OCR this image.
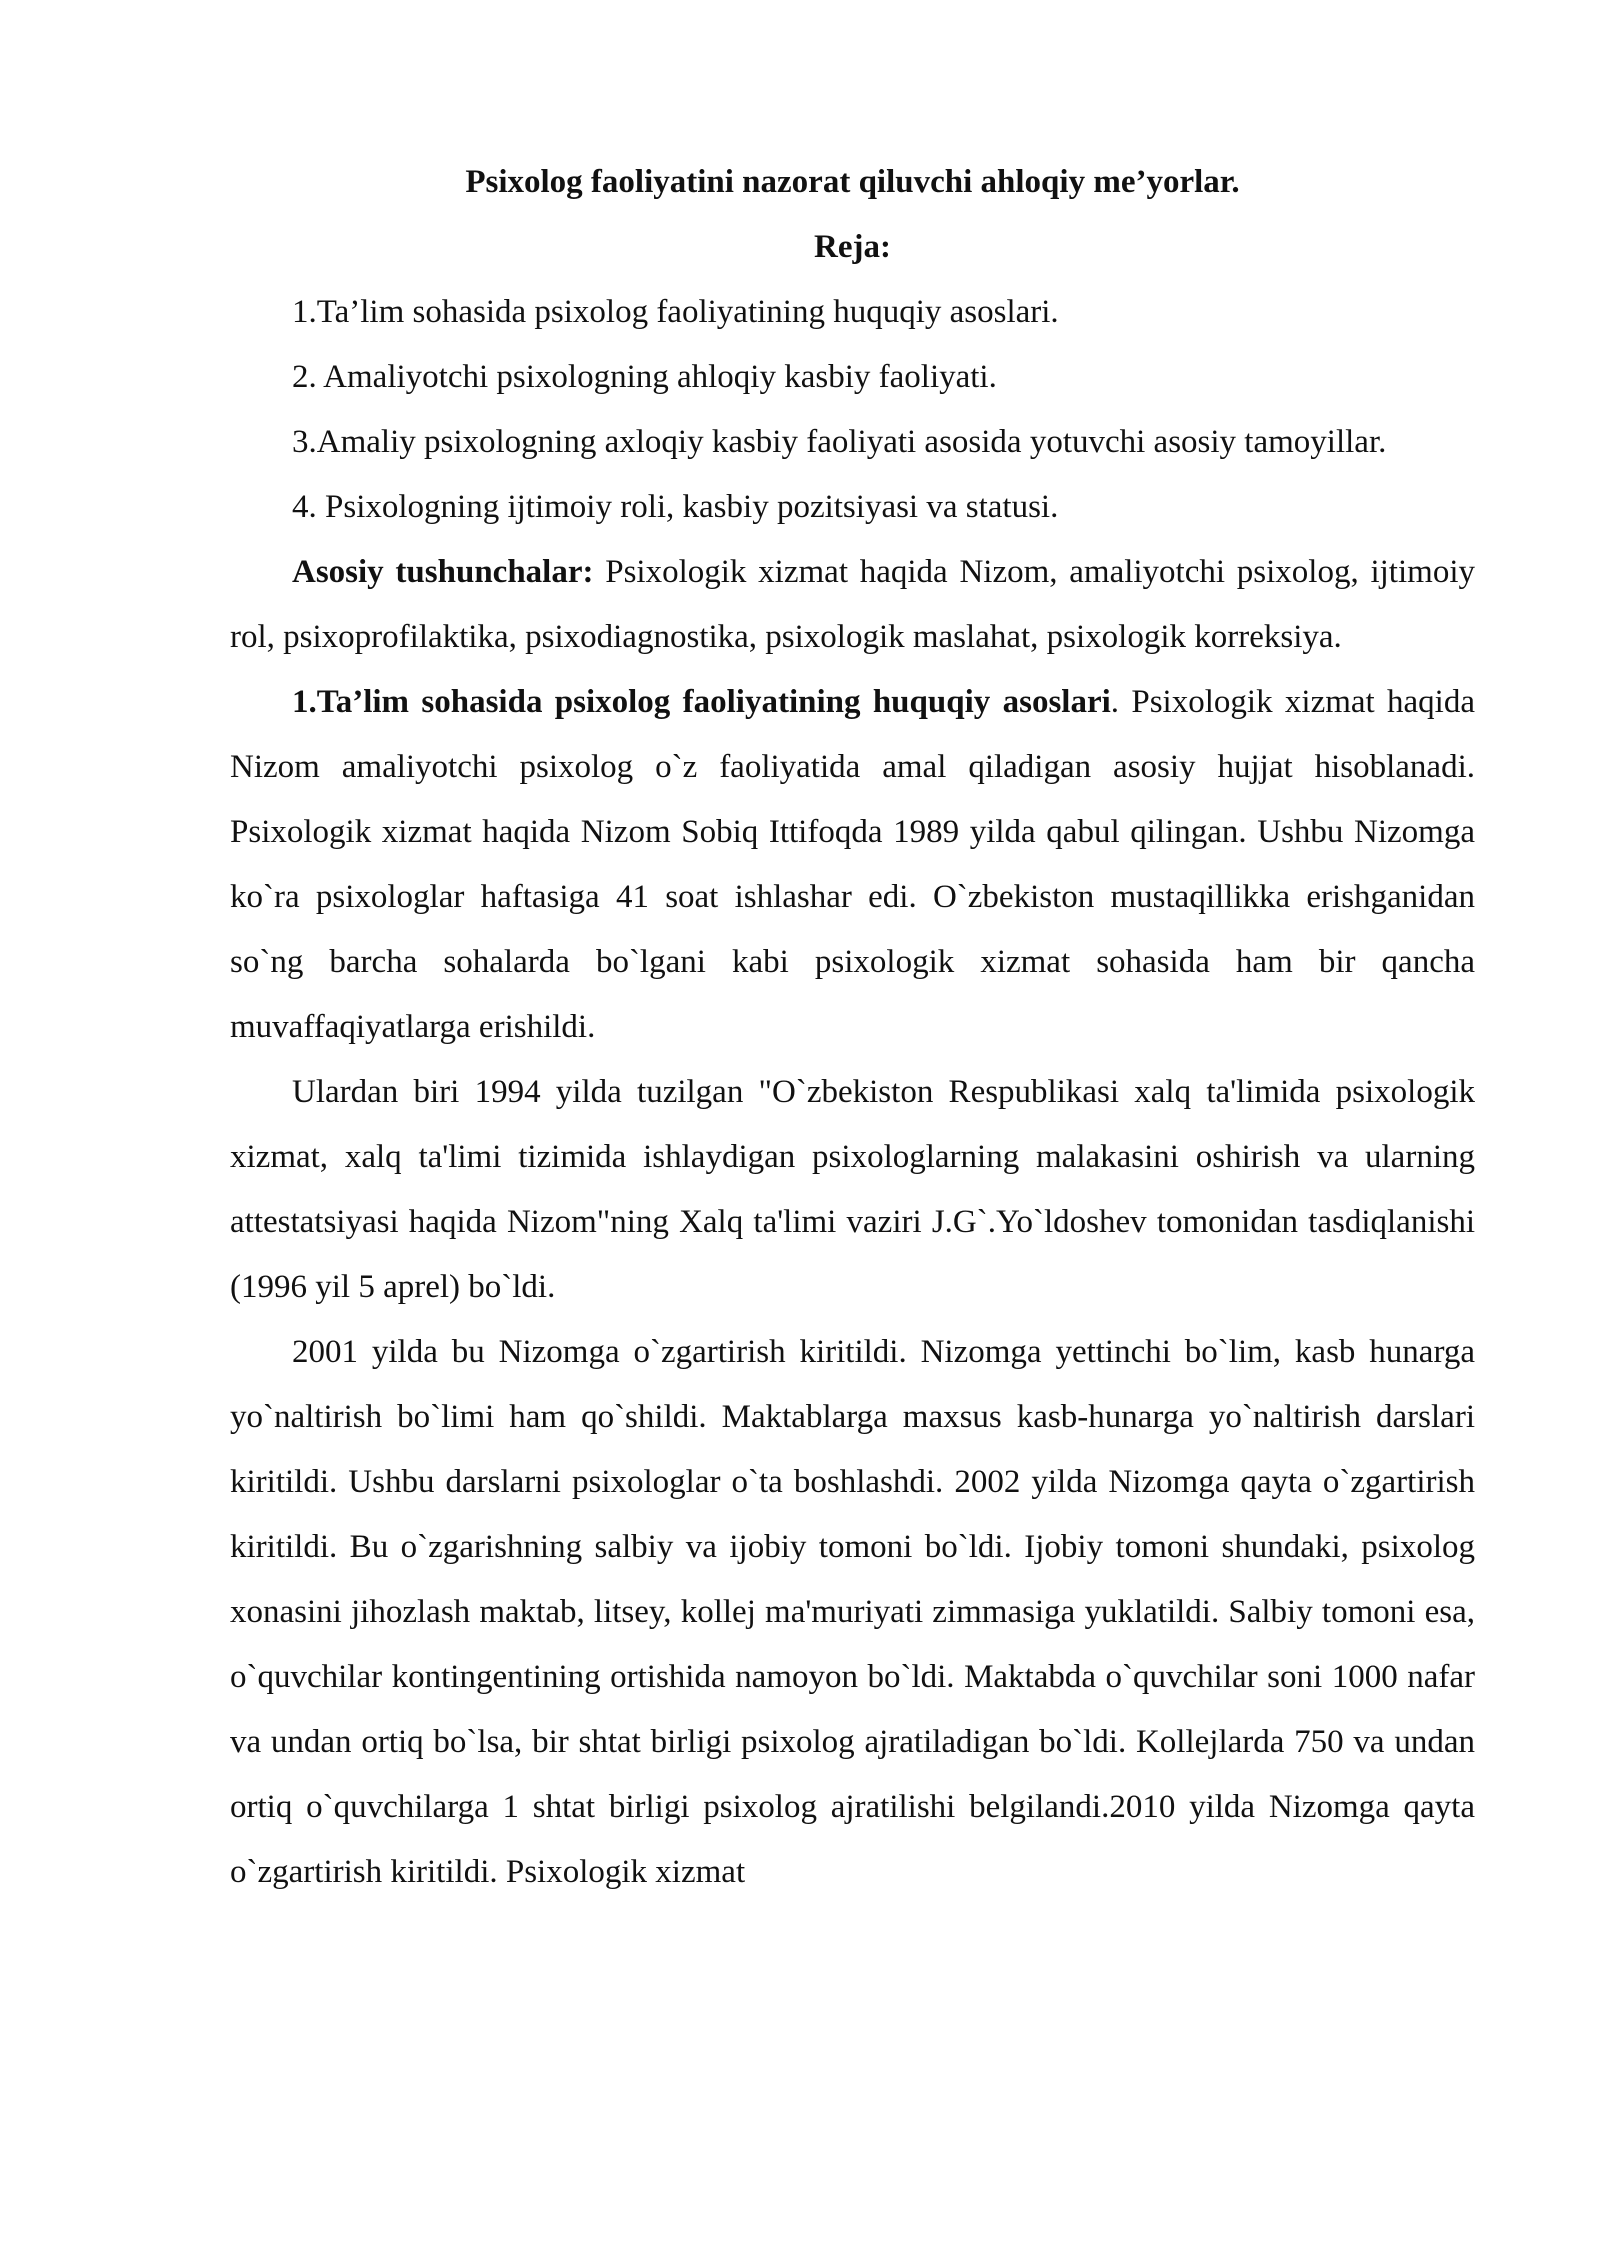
Psixolog faoliyatini nazorat qiluvchi ahloqiy me’yorlar.
Reja:

1.Ta’lim sohasida psixolog faoliyatining huquqiy asoslari.

2. Amaliyotchi psixologning ahloqiy kasbiy faoliyati.

3.Amaliy psixologning axloqiy kasbiy faoliyati asosida yotuvchi asosiy tamoyillar.

4. Psixologning ijtimoiy roli, kasbiy pozitsiyasi va statusi.

Asosiy tushunchalar: Psixologik xizmat haqida Nizom, amaliyotchi psixolog, ijtimoiy rol, psixoprofilaktika, psixodiagnostika, psixologik maslahat, psixologik korreksiya.

1.Ta’lim sohasida psixolog faoliyatining huquqiy asoslari. Psixologik xizmat haqida Nizom amaliyotchi psixolog o`z faoliyatida amal qiladigan asosiy hujjat hisoblanadi. Psixologik xizmat haqida Nizom Sobiq Ittifoqda 1989 yilda qabul qilingan. Ushbu Nizomga ko`ra psixologlar haftasiga 41 soat ishlashar edi. O`zbekiston mustaqillikka erishganidan so`ng barcha sohalarda bo`lgani kabi psixologik xizmat sohasida ham bir qancha muvaffaqiyatlarga erishildi.

Ulardan biri 1994 yilda tuzilgan "O`zbekiston Respublikasi xalq ta'limida psixologik xizmat, xalq ta'limi tizimida ishlaydigan psixologlarning malakasini oshirish va ularning attestatsiyasi haqida Nizom"ning Xalq ta'limi vaziri J.G`.Yo`ldoshev tomonidan tasdiqlanishi (1996 yil 5 aprel) bo`ldi.

2001 yilda bu Nizomga o`zgartirish kiritildi. Nizomga yettinchi bo`lim, kasb hunarga yo`naltirish bo`limi ham qo`shildi. Maktablarga maxsus kasb-hunarga yo`naltirish darslari kiritildi. Ushbu darslarni psixologlar o`ta boshlashdi. 2002 yilda Nizomga qayta o`zgartirish kiritildi. Bu o`zgarishning salbiy va ijobiy tomoni bo`ldi. Ijobiy tomoni shundaki, psixolog xonasini jihozlash maktab, litsey, kollej ma'muriyati zimmasiga yuklatildi. Salbiy tomoni esa, o`quvchilar kontingentining ortishida namoyon bo`ldi. Maktabda o`quvchilar soni 1000 nafar va undan ortiq bo`lsa, bir shtat birligi psixolog ajratiladigan bo`ldi. Kollejlarda 750 va undan ortiq o`quvchilarga 1 shtat birligi psixolog ajratilishi belgilandi.2010 yilda Nizomga qayta o`zgartirish kiritildi. Psixologik xizmat
